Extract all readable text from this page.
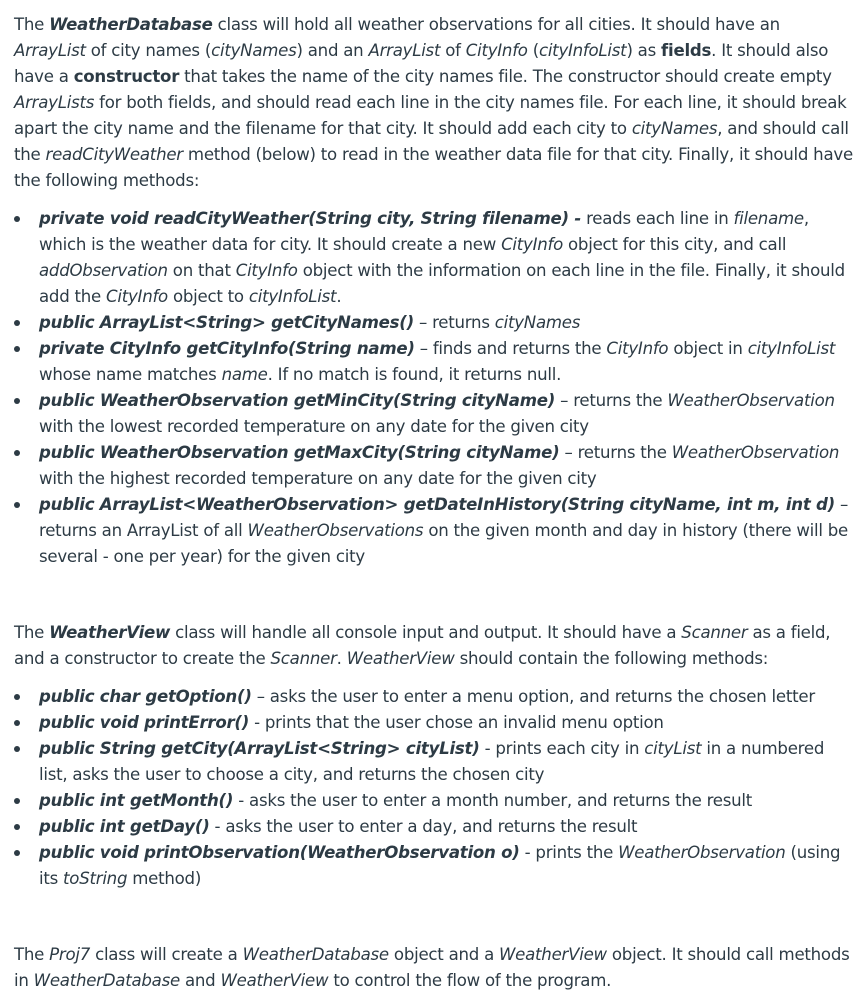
The WeatherDatabase class will hold all weather observations for all cities. It should have an ArrayList of city names (cityNames) and an ArrayList of CityInfo (cityInfoList) as fields. It should also have a constructor that takes the name of the city names file. The constructor should create empty ArrayLists for both fields, and should read each line in the city names file. For each line, it should break apart the city name and the filename for that city. It should add each city to cityNames, and should call the readCityWeather method (below) to read in the weather data file for that city. Finally, it should have the following methods:

private void readCityWeather(String city, String filename) - reads each line in filename, which is the weather data for city. It should create a new CityInfo object for this city, and call addObservation on that CityInfo object with the information on each line in the file. Finally, it should add the CityInfo object to cityInfoList.
public ArrayList<String> getCityNames() – returns cityNames
private CityInfo getCityInfo(String name) – finds and returns the CityInfo object in cityInfoList whose name matches name. If no match is found, it returns null.
public WeatherObservation getMinCity(String cityName) – returns the WeatherObservation with the lowest recorded temperature on any date for the given city
public WeatherObservation getMaxCity(String cityName) – returns the WeatherObservation with the highest recorded temperature on any date for the given city
public ArrayList<WeatherObservation> getDateInHistory(String cityName, int m, int d) – returns an ArrayList of all WeatherObservations on the given month and day in history (there will be several - one per year) for the given city

The WeatherView class will handle all console input and output. It should have a Scanner as a field, and a constructor to create the Scanner. WeatherView should contain the following methods:

public char getOption() – asks the user to enter a menu option, and returns the chosen letter
public void printError() - prints that the user chose an invalid menu option
public String getCity(ArrayList<String> cityList) - prints each city in cityList in a numbered list, asks the user to choose a city, and returns the chosen city
public int getMonth() - asks the user to enter a month number, and returns the result
public int getDay() - asks the user to enter a day, and returns the result
public void printObservation(WeatherObservation o) - prints the WeatherObservation (using its toString method)

The Proj7 class will create a WeatherDatabase object and a WeatherView object. It should call methods in WeatherDatabase and WeatherView to control the flow of the program.
